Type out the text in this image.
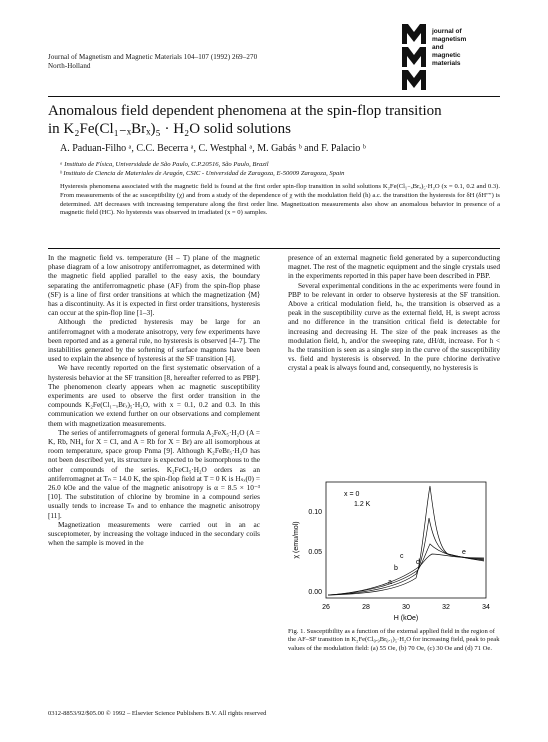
Journal of Magnetism and Magnetic Materials 104–107 (1992) 269–270
North-Holland
journal of
magnetism
and
magnetic
materials
Anomalous field dependent phenomena at the spin-flop transition
in K₂Fe(Cl₁₋ₓBrₓ)₅ · H₂O solid solutions
A. Paduan-Filho ᵃ, C.C. Becerra ᵃ, C. Westphal ᵃ, M. Gabás ᵇ and F. Palacio ᵇ
ᵃ Instituto de Física, Universidade de São Paulo, C.P.20516, São Paulo, Brazil
ᵇ Instituto de Ciencia de Materiales de Aragón, CSIC - Universidad de Zaragoza, E-50009 Zaragoza, Spain
Hysteresis phenomena associated with the magnetic field is found at the first order spin-flop transition in solid solutions K₂Fe(Cl₁₋ₓBrₓ)₅·H₂O (x = 0.1, 0.2 and 0.3). From measurements of the ac susceptibility (χ) and from a study of the dependence of χ with the modulation field (h) a.c. the transition the hysteresis for δH (δH″″) is determined. ΔH decreases with increasing temperature along the first order line. Magnetization measurements also show an anomalous behavior in presence of a magnetic field (HC). No hysteresis was observed in irradiated (x = 0) samples.

In the magnetic field vs. temperature (H – T) plane of the magnetic phase diagram of a low anisotropy antiferromagnet, as determined with the magnetic field applied parallel to the easy axis, the boundary separating the antiferromagnetic phase (AF) from the spin-flop phase (SF) is a line of first order transitions at which the magnetization ⟨M⟩ has a discontinuity. As it is expected in first order transitions, hysteresis can occur at the spin-flop line [1–3].

Although the predicted hysteresis may be large for an antiferromagnet with a moderate anisotropy, very few experiments have been reported and as a general rule, no hysteresis is observed [4–7]. The instabilities generated by the softening of surface magnons have been used to explain the absence of hysteresis at the SF transition [4].

We have recently reported on the first systematic observation of a hysteresis behavior at the SF transition [8, hereafter referred to as PBP]. The phenomenon clearly appears when ac magnetic susceptibility experiments are used to observe the first order transition in the compounds K₂Fe(Cl₁₋ₓBrₓ)₅·H₂O, with x = 0.1, 0.2 and 0.3. In this communication we extend further on our observations and complement them with magnetization measurements.

The series of antiferromagnets of general formula A₂FeX₅·H₂O (A = K, Rb, NH₄ for X = Cl, and A = Rb for X = Br) are all isomorphous at room temperature, space group Pnma [9]. Although K₂FeBr₅·H₂O has not been described yet, its structure is expected to be isomorphous to the other compounds of the series. K₂FeCl₅·H₂O orders as an antiferromagnet at Tₙ = 14.0 K, the spin-flop field at T = 0 K is Hₛₓ(0) = 26.0 kOe and the value of the magnetic anisotropy is α = 8.5 × 10⁻³ [10]. The substitution of chlorine by bromine in a compound series usually tends to increase Tₙ and to enhance the magnetic anisotropy [11].

Magnetization measurements were carried out in an ac susceptometer, by increasing the voltage induced in the secondary coils when the sample is moved in the

presence of an external magnetic field generated by a superconducting magnet. The rest of the magnetic equipment and the single crystals used in the experiments reported in this paper have been described in PBP.

Several experimental conditions in the ac experiments were found in PBP to be relevant in order to observe hysteresis at the SF transition. Above a critical modulation field, hₛ, the transition is observed as a peak in the susceptibility curve as the external field, H, is swept across and no difference in the transition critical field is detectable for increasing and decreasing H. The size of the peak increases as the modulation field, h, and/or the sweeping rate, dH/dt, increase. For h < hₛ the transition is seen as a single step in the curve of the susceptibility vs. field and hysteresis is observed. In the pure chlorine derivative crystal a peak is always found and, consequently, no hysteresis is

0.10
0.05
0.00
26	28	30	32	34
H (kOe)
χ (emu/mol)
x = 0
1.2 K
a
b
c
d
e
Fig. 1. Susceptibility as a function of the external applied field in the region of the AF–SF transition in K₂Fe(Cl₀.₉Br₀.₁)₅·H₂O for increasing field, peak to peak values of the modulation field: (a) 55 Oe, (b) 70 Oe, (c) 30 Oe and (d) 71 Oe.
0312-8853/92/$05.00 © 1992 – Elsevier Science Publishers B.V. All rights reserved
